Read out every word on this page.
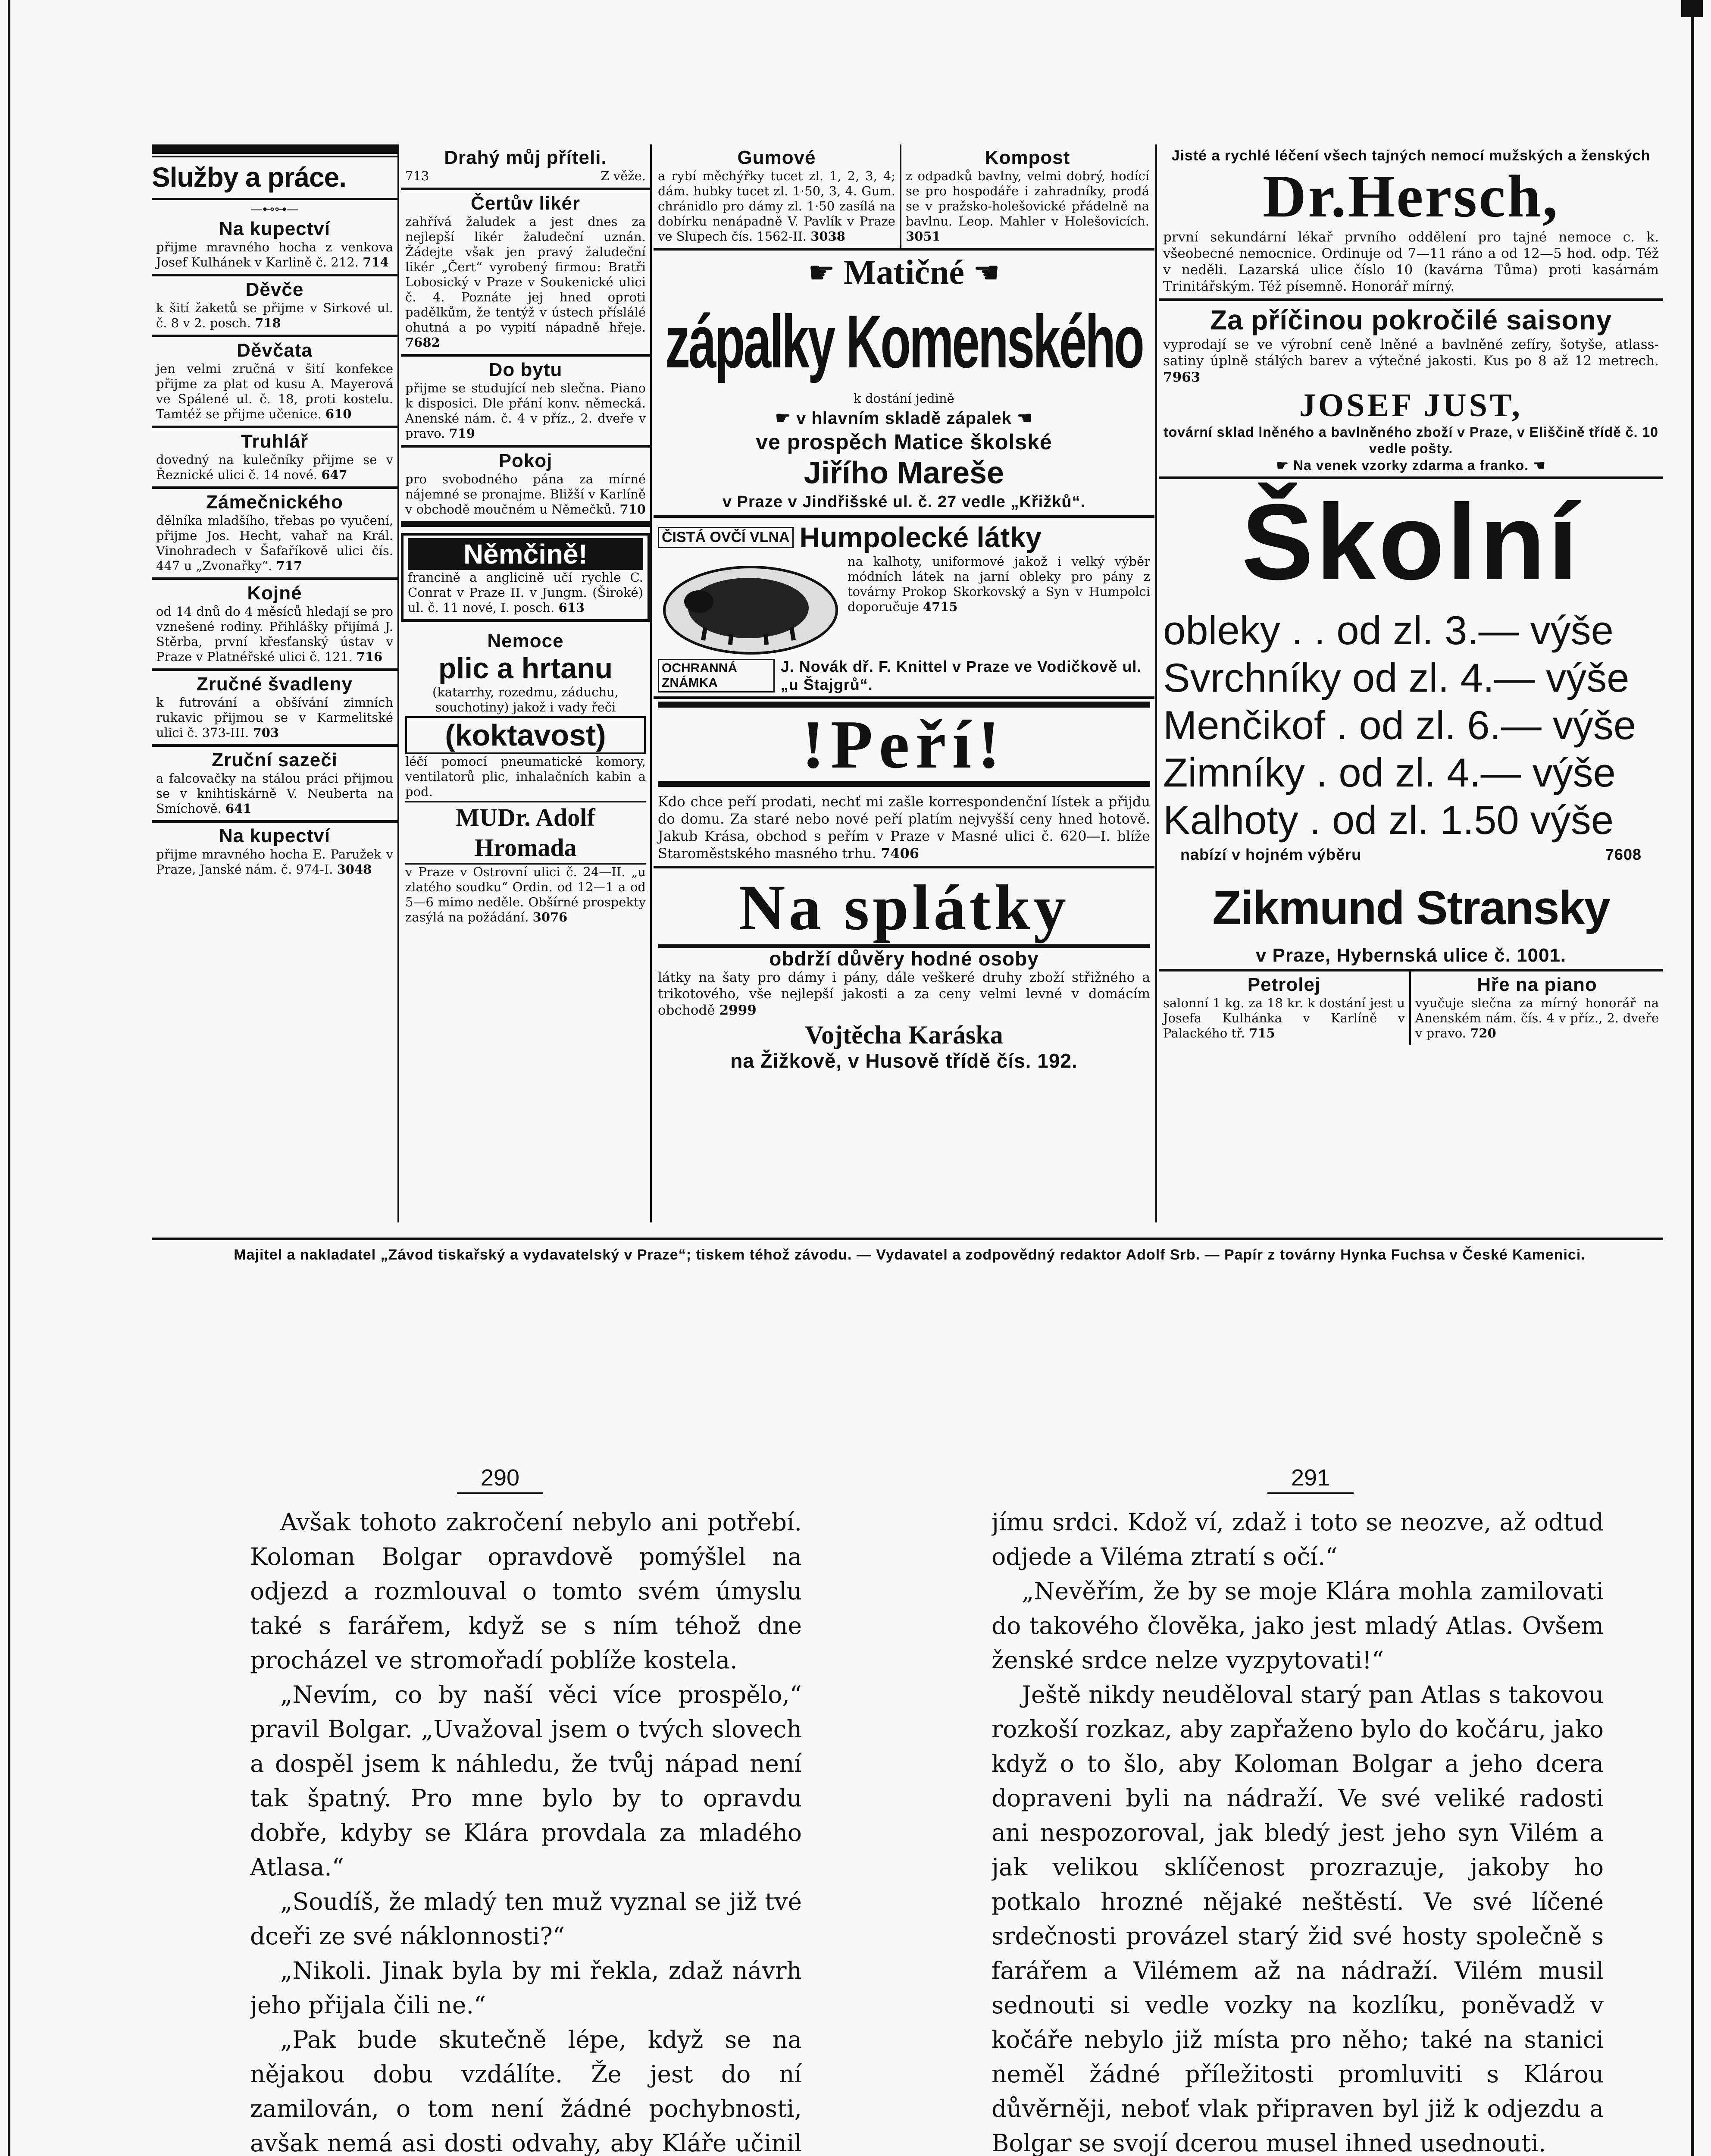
Služby a práce.
—⊷⊶—
Na kupectví
přijme mravného hocha z venkova Josef Kulhánek v Karlině č. 212. 714
Děvče
k šití žaketů se přijme v Sirkové ul. č. 8 v 2. posch. 718
Děvčata
jen velmi zručná v šití konfekce přijme za plat od kusu A. Mayerová ve Spálené ul. č. 18, proti kostelu. Tamtéž se přijme učenice. 610
Truhlář
dovedný na kulečníky přijme se v Řeznické ulici č. 14 nové. 647
Zámečnického
dělníka mladšího, třebas po vyučení, přijme Jos. Hecht, vahař na Král. Vinohradech v Šafaříkově ulici čís. 447 u „Zvonařky“. 717
Kojné
od 14 dnů do 4 měsíců hledají se pro vznešené rodiny. Přihlášky přijímá J. Stěrba, první křesťanský ústav v Praze v Platnéřské ulici č. 121. 716
Zručné švadleny
k futrování a obšívání zimních rukavic přijmou se v Karmelitské ulici č. 373-III. 703
Zruční sazeči
a falcovačky na stálou práci přijmou se v knihtiskárně V. Neuberta na Smíchově. 641
Na kupectví
přijme mravného hocha E. Paružek v Praze, Janské nám. č. 974-I. 3048
Drahý můj příteli.
713	Z věže.
Čertův likér
zahřívá žaludek a jest dnes za nejlepší likér žaludeční uznán. Žádejte však jen pravý žaludeční likér „Čert“ vyrobený firmou: Bratři Lobosický v Praze v Soukenické ulici č. 4. Poznáte jej hned oproti padělkům, že tentýž v ústech příslálé ohutná a po vypití nápadně hřeje. 7682
Do bytu
přijme se studující neb slečna. Piano k disposici. Dle přání konv. německá. Anenské nám. č. 4 v příz., 2. dveře v pravo. 719
Pokoj
pro svobodného pána za mírné nájemné se pronajme. Bližší v Karlíně v obchodě moučném u Němečků. 710
Němčině!
francině a anglicině učí rychle C. Conrat v Praze II. v Jungm. (Široké) ul. č. 11 nové, I. posch. 613
Nemoce
plic a hrtanu
(katarrhy, rozedmu, záduchu, souchotiny) jakož i vady řeči
(koktavost)
léčí pomocí pneumatické komory, ventilatorů plic, inhalačních kabin a pod.
MUDr. Adolf Hromada
v Praze v Ostrovní ulici č. 24—II. „u zlatého soudku“ Ordin. od 12—1 a od 5—6 mimo neděle. Obšírné prospekty zasýlá na požádání. 3076
Gumové
a rybí měchýřky tucet zl. 1, 2, 3, 4; dám. hubky tucet zl. 1·50, 3, 4. Gum. chránidlo pro dámy zl. 1·50 zasílá na dobírku nenápadně V. Pavlík v Praze ve Slupech čís. 1562-II. 3038
Kompost
z odpadků bavlny, velmi dobrý, hodící se pro hospodáře i zahradníky, prodá se v pražsko-holešovické přádelně na bavlnu. Leop. Mahler v Holešovicích. 3051
☛ Matičné ☚
zápalky Komenského
k dostání jedině
☛ v hlavním skladě zápalek ☚
ve prospěch Matice školské
Jiřího Mareše
v Praze v Jindřišské ul. č. 27 vedle „Křižků“.
ČISTÁ OVČÍ VLNA Humpolecké látky
na kalhoty, uniformové jakož i velký výběr módních látek na jarní obleky pro pány z továrny Prokop Skorkovský a Syn v Humpolci doporučuje 4715
OCHRANNÁ ZNÁMKA
J. Novák dř. F. Knittel v Praze ve Vodičkově ul. „u Štajgrů“.
!Peří!
Kdo chce peří prodati, nechť mi zašle korrespondenční lístek a přijdu do domu. Za staré nebo nové peří platím nejvyšší ceny hned hotově. Jakub Krása, obchod s peřím v Praze v Masné ulici č. 620—I. blíže Staroměstského masného trhu. 7406
Na splátky
obdrží důvěry hodné osoby
látky na šaty pro dámy i pány, dále veškeré druhy zboží střižného a trikotového, vše nejlepší jakosti a za ceny velmi levné v domácím obchodě 2999
Vojtěcha Karáska
na Žižkově, v Husově třídě čís. 192.
Jisté a rychlé léčení všech tajných nemocí mužských a ženských
Dr.Hersch,
první sekundární lékař prvního oddělení pro tajné nemoce c. k. všeobecné nemocnice. Ordinuje od 7—11 ráno a od 12—5 hod. odp. Též v neděli. Lazarská ulice číslo 10 (kavárna Tůma) proti kasárnám Trinitářským. Též písemně. Honorář mírný.
Za příčinou pokročilé saisony
vyprodají se ve výrobní ceně lněné a bavlněné zefíry, šotyše, atlass-satiny úplně stálých barev a výtečné jakosti. Kus po 8 až 12 metrech. 7963
JOSEF JUST,
tovární sklad lněného a bavlněného zboží v Praze, v Eliščině třídě č. 10 vedle pošty.
☛ Na venek vzorky zdarma a franko. ☚
Školní
obleky . . od zl. 3.— výše
Svrchníky od zl. 4.— výše
Menčikof . od zl. 6.— výše
Zimníky . od zl. 4.— výše
Kalhoty . od zl. 1.50 výše
nabízí v hojném výběru	7608
Zikmund Stransky
v Praze, Hybernská ulice č. 1001.
Petrolej
salonní 1 kg. za 18 kr. k dostání jest u Josefa Kulhánka v Karlíně v Palackého tř. 715
Hře na piano
vyučuje slečna za mírný honorář na Anenském nám. čís. 4 v příz., 2. dveře v pravo. 720
Majitel a nakladatel „Závod tiskařský a vydavatelský v Praze“; tiskem téhož závodu. — Vydavatel a zodpovědný redaktor Adolf Srb. — Papír z továrny Hynka Fuchsa v České Kamenici.
290

Avšak tohoto zakročení nebylo ani potřebí. Koloman Bolgar opravdově pomýšlel na odjezd a rozmlouval o tomto svém úmyslu také s farářem, když se s ním téhož dne procházel ve stromořadí poblíže kostela.

„Nevím, co by naší věci více prospělo,“ pravil Bolgar. „Uvažoval jsem o tvých slovech a dospěl jsem k náhledu, že tvůj nápad není tak špatný. Pro mne bylo by to opravdu dobře, kdyby se Klára provdala za mladého Atlasa.“

„Soudíš, že mladý ten muž vyznal se již tvé dceři ze své náklonnosti?“

„Nikoli. Jinak byla by mi řekla, zdaž návrh jeho přijala čili ne.“

„Pak bude skutečně lépe, když se na nějakou dobu vzdálíte. Že jest do ní zamilován, o tom není žádné pochybnosti, avšak nemá asi dosti odvahy, aby Kláře učinil

291

jímu srdci. Kdož ví, zdaž i toto se neozve, až odtud odjede a Viléma ztratí s očí.“

„Nevěřím, že by se moje Klára mohla zamilovati do takového člověka, jako jest mladý Atlas. Ovšem ženské srdce nelze vyzpytovati!“

Ještě nikdy neuděloval starý pan Atlas s takovou rozkoší rozkaz, aby zapřaženo bylo do kočáru, jako když o to šlo, aby Koloman Bolgar a jeho dcera dopraveni byli na nádraží. Ve své veliké radosti ani nespozoroval, jak bledý jest jeho syn Vilém a jak velikou sklíčenost prozrazuje, jakoby ho potkalo hrozné nějaké neštěstí. Ve své líčené srdečnosti provázel starý žid své hosty společně s farářem a Vilémem až na nádraží. Vilém musil sednouti si vedle vozky na kozlíku, poněvadž v kočáře nebylo již místa pro něho; také na stanici neměl žádné příležitosti promluviti s Klárou důvěrněji, neboť vlak připraven byl již k odjezdu a Bolgar se svojí dcerou musel ihned usednouti.
